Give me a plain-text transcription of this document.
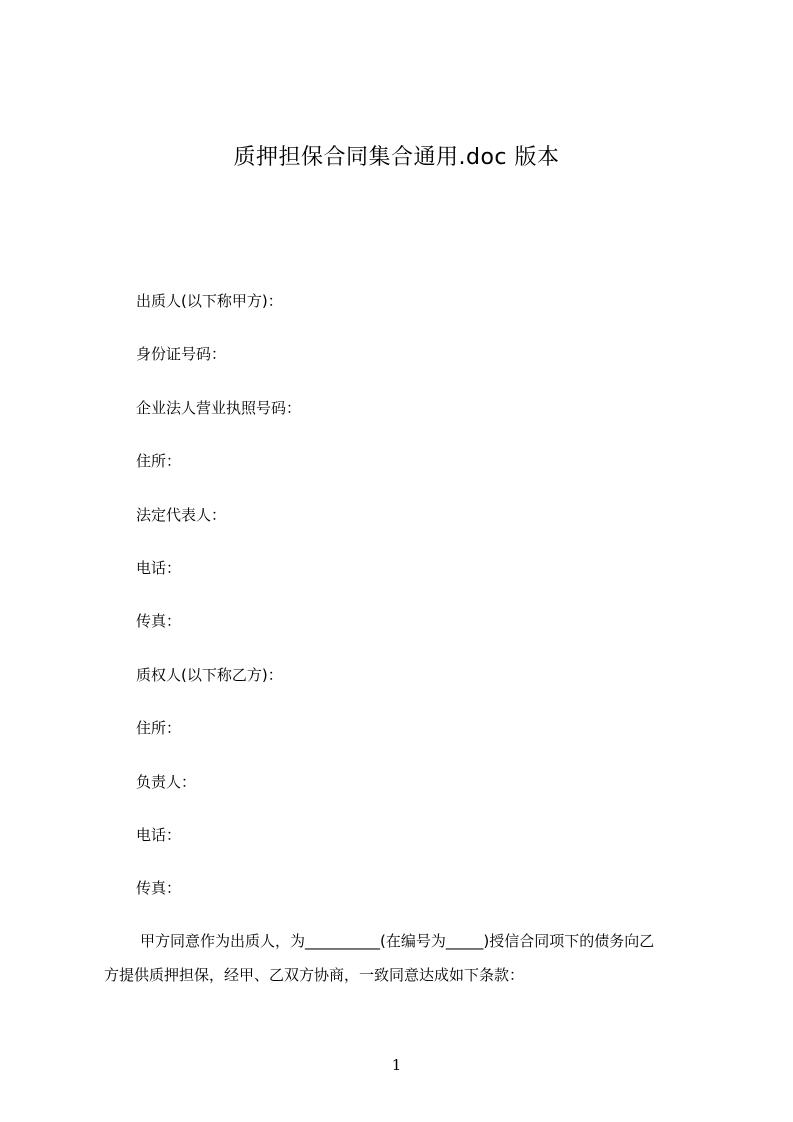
质押担保合同集合通用.doc 版本
出质人(以下称甲方)：
身份证号码：
企业法人营业执照号码：
住所：
法定代表人：
电话：
传真：
质权人(以下称乙方)：
住所：
负责人：
电话：
传真：
甲方同意作为出质人，为__________(在编号为_____)授信合同项下的债务向乙
方提供质押担保，经甲、乙双方协商，一致同意达成如下条款：
1
